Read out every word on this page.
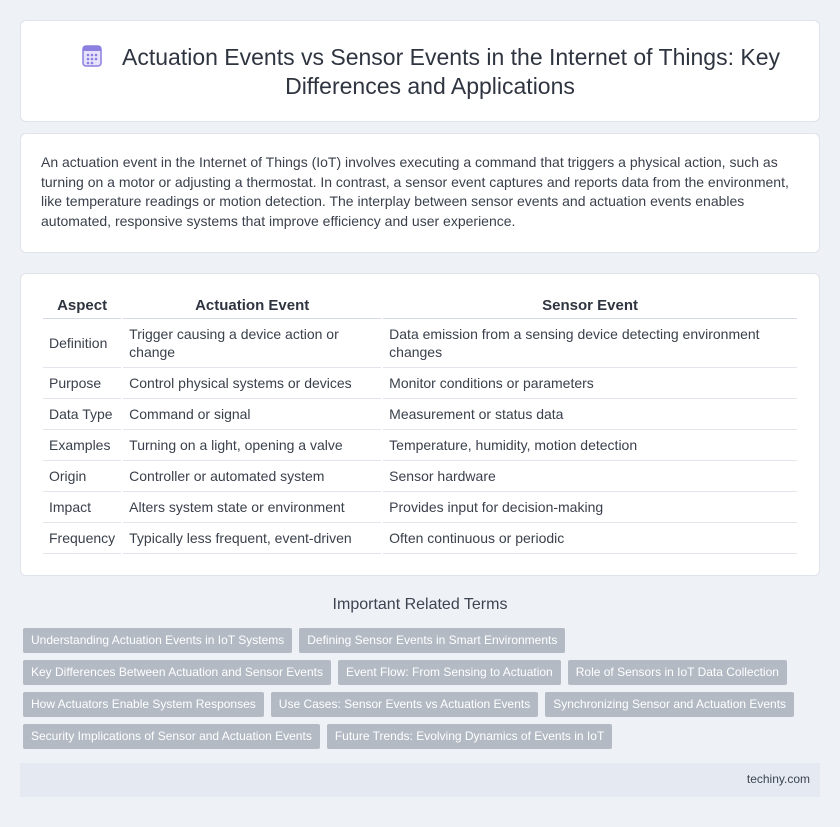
Actuation Events vs Sensor Events in the Internet of Things: Key Differences and Applications

An actuation event in the Internet of Things (IoT) involves executing a command that triggers a physical action, such as turning on a motor or adjusting a thermostat. In contrast, a sensor event captures and reports data from the environment, like temperature readings or motion detection. The interplay between sensor events and actuation events enables automated, responsive systems that improve efficiency and user experience.

Aspect	Actuation Event	Sensor Event
Definition	Trigger causing a device action or change	Data emission from a sensing device detecting environment changes
Purpose	Control physical systems or devices	Monitor conditions or parameters
Data Type	Command or signal	Measurement or status data
Examples	Turning on a light, opening a valve	Temperature, humidity, motion detection
Origin	Controller or automated system	Sensor hardware
Impact	Alters system state or environment	Provides input for decision-making
Frequency	Typically less frequent, event-driven	Often continuous or periodic
Important Related Terms
Understanding Actuation Events in IoT Systems	Defining Sensor Events in Smart Environments
Key Differences Between Actuation and Sensor Events	Event Flow: From Sensing to Actuation	Role of Sensors in IoT Data Collection
How Actuators Enable System Responses	Use Cases: Sensor Events vs Actuation Events	Synchronizing Sensor and Actuation Events
Security Implications of Sensor and Actuation Events	Future Trends: Evolving Dynamics of Events in IoT
techiny.com
